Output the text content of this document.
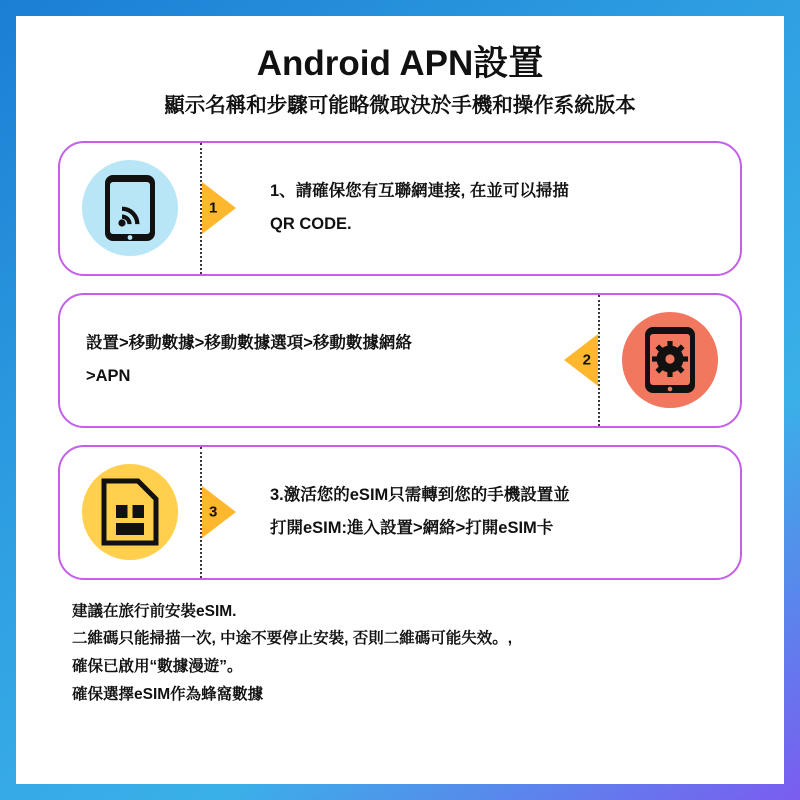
Android APN設置
顯示名稱和步驟可能略微取決於手機和操作系統版本
1
1、請確保您有互聯網連接, 在並可以掃描
QR CODE.
設置>移動數據>移動數據選項>移動數據網絡
>APN
2
3
3.激活您的eSIM只需轉到您的手機設置並
打開eSIM:進入設置>網絡>打開eSIM卡
建議在旅行前安裝eSIM.
二維碼只能掃描一次, 中途不要停止安裝, 否則二維碼可能失效。,
確保已啟用“數據漫遊”。
確保選擇eSIM作為蜂窩數據
